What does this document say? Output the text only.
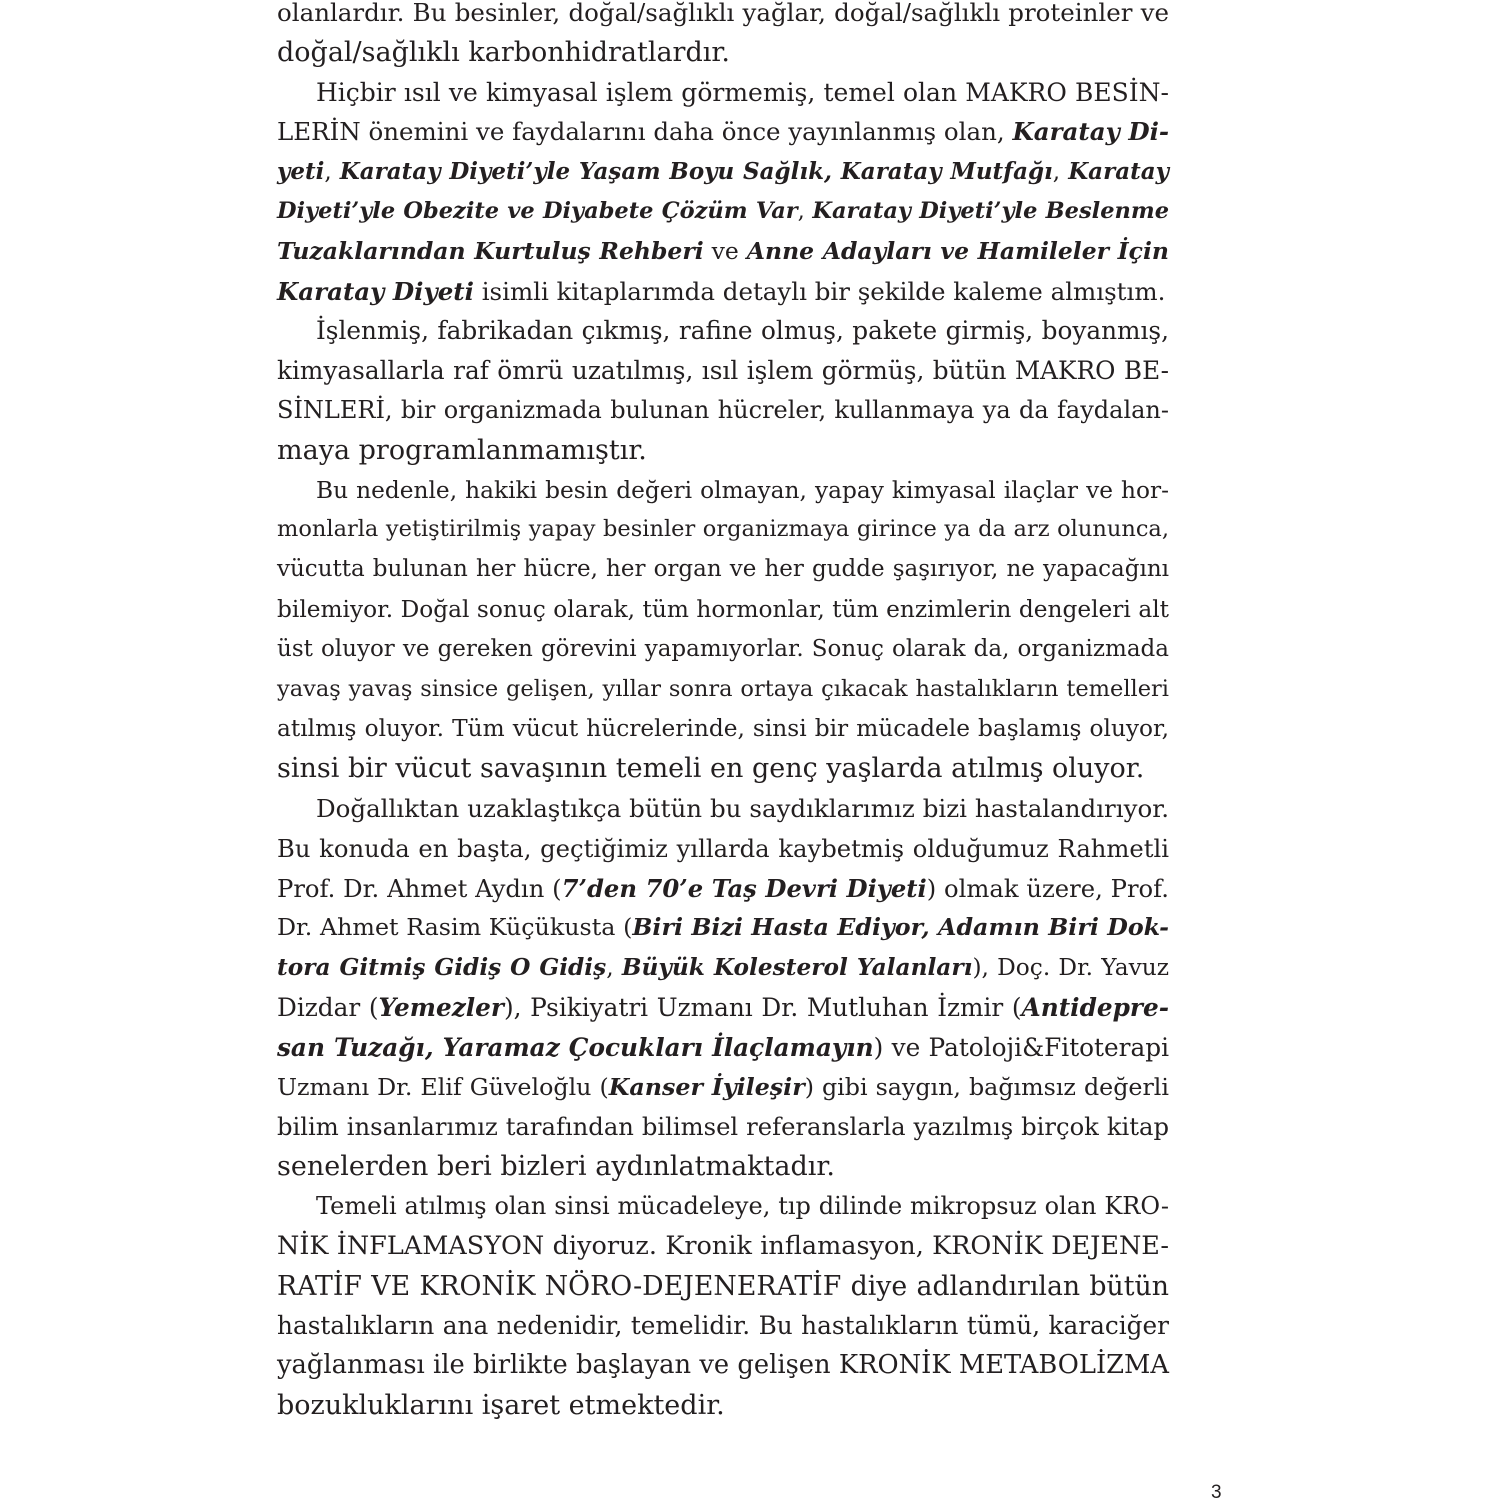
olanlardır. Bu besinler, doğal/sağlıklı yağlar, doğal/sağlıklı proteinler ve
doğal/sağlıklı karbonhidratlardır.
Hiçbir ısıl ve kimyasal işlem görmemiş, temel olan MAKRO BESİN-
LERİN önemini ve faydalarını daha önce yayınlanmış olan, Karatay Di-
yeti, Karatay Diyeti’yle Yaşam Boyu Sağlık, Karatay Mutfağı, Karatay
Diyeti’yle Obezite ve Diyabete Çözüm Var, Karatay Diyeti’yle Beslenme
Tuzaklarından Kurtuluş Rehberi ve Anne Adayları ve Hamileler İçin
Karatay Diyeti isimli kitaplarımda detaylı bir şekilde kaleme almıştım.
İşlenmiş, fabrikadan çıkmış, rafine olmuş, pakete girmiş, boyanmış,
kimyasallarla raf ömrü uzatılmış, ısıl işlem görmüş, bütün MAKRO BE-
SİNLERİ, bir organizmada bulunan hücreler, kullanmaya ya da faydalan-
maya programlanmamıştır.
Bu nedenle, hakiki besin değeri olmayan, yapay kimyasal ilaçlar ve hor-
monlarla yetiştirilmiş yapay besinler organizmaya girince ya da arz olununca,
vücutta bulunan her hücre, her organ ve her gudde şaşırıyor, ne yapacağını
bilemiyor. Doğal sonuç olarak, tüm hormonlar, tüm enzimlerin dengeleri alt
üst oluyor ve gereken görevini yapamıyorlar. Sonuç olarak da, organizmada
yavaş yavaş sinsice gelişen, yıllar sonra ortaya çıkacak hastalıkların temelleri
atılmış oluyor. Tüm vücut hücrelerinde, sinsi bir mücadele başlamış oluyor,
sinsi bir vücut savaşının temeli en genç yaşlarda atılmış oluyor.
Doğallıktan uzaklaştıkça bütün bu saydıklarımız bizi hastalandırıyor.
Bu konuda en başta, geçtiğimiz yıllarda kaybetmiş olduğumuz Rahmetli
Prof. Dr. Ahmet Aydın (7’den 70’e Taş Devri Diyeti) olmak üzere, Prof.
Dr. Ahmet Rasim Küçükusta (Biri Bizi Hasta Ediyor, Adamın Biri Dok-
tora Gitmiş Gidiş O Gidiş, Büyük Kolesterol Yalanları), Doç. Dr. Yavuz
Dizdar (Yemezler), Psikiyatri Uzmanı Dr. Mutluhan İzmir (Antidepre-
san Tuzağı, Yaramaz Çocukları İlaçlamayın) ve Patoloji&Fitoterapi
Uzmanı Dr. Elif Güveloğlu (Kanser İyileşir) gibi saygın, bağımsız değerli
bilim insanlarımız tarafından bilimsel referanslarla yazılmış birçok kitap
senelerden beri bizleri aydınlatmaktadır.
Temeli atılmış olan sinsi mücadeleye, tıp dilinde mikropsuz olan KRO-
NİK İNFLAMASYON diyoruz. Kronik inflamasyon, KRONİK DEJENE-
RATİF VE KRONİK NÖRO-DEJENERATİF diye adlandırılan bütün
hastalıkların ana nedenidir, temelidir. Bu hastalıkların tümü, karaciğer
yağlanması ile birlikte başlayan ve gelişen KRONİK METABOLİZMA
bozukluklarını işaret etmektedir.
3
